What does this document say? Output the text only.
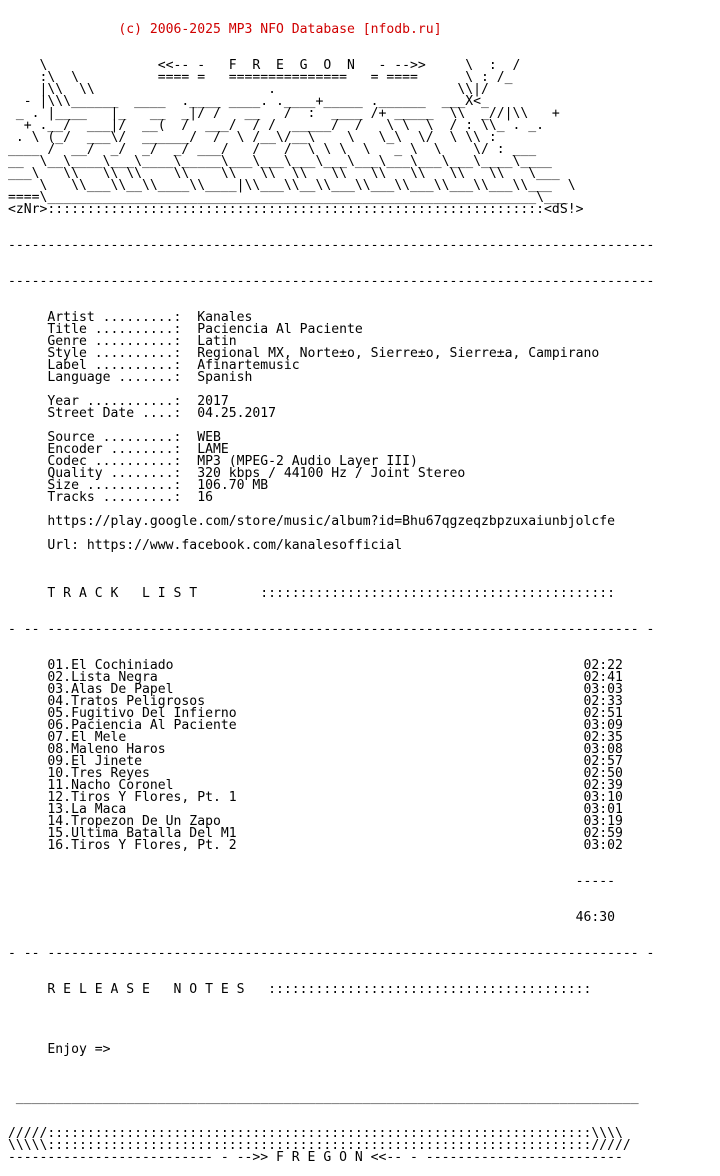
(c) 2006-2025 MP3 NFO Database [nfodb.ru]

\              <<-- -   F  R  E  G  O  N   - -->>     \  :  /
:\  \          ==== =   ===============   = ====      \ : /_
|\\  \\                      .                       \\|/
- |\\\______  ____  .____ ____. .____+_____ .______  ___X<_
_ . |____   |_   __  _|/ /   __   /  :  ____ /+ _____  \\  _//|\\   +
+ .__/  ___|/  __(  /  ___/  / /  _____/  /   \ \  \  / : \\_ . _.
. \ (_/  ___\/  ______/  /  \ /__\/__\    \   \_\  \/  \ \\ :
____ /  __/  _/  _/  _/ ___/   /   /  \ \ \  \   _ \  \    \/ : ___
__  \__\____\___\____\_____\___\___\___\___\___\___\___\___\____\____
___\   \\   \\ \\    \\    \\   \\  \\   \\   \\   \\   \\   \\   \___
\   \\___\\__\\____\\____|\\___\\__\\___\\___\\___\\___\\___\\___  \
====\______________________________________________________________\___
<zNr>:::::::::::::::::::::::::::::::::::::::::::::::::::::::::::::::<dS!>

----------------------------------------------------------------------------------

----------------------------------------------------------------------------------

Artist .........:  Kanales
Title ..........:  Paciencia Al Paciente
Genre ..........:  Latin
Style ..........:  Regional MX, Norte±o, Sierre±o, Sierre±a, Campirano
Label ..........:  Afinartemusic
Language .......:  Spanish
Year ...........:  2017
Street Date ....:  04.25.2017
Source .........:  WEB
Encoder ........:  LAME
Codec ..........:  MP3 (MPEG-2 Audio Layer III)
Quality ........:  320 kbps / 44100 Hz / Joint Stereo
Size ...........:  106.70 MB
Tracks .........:  16
https://play.google.com/store/music/album?id=Bhu67qgzeqzbpzuxaiunbjolcfe
Url: https://www.facebook.com/kanalesofficial

T R A C K   L I S T        :::::::::::::::::::::::::::::::::::::::::::::

- -- --------------------------------------------------------------------------- -

01.El Cochiniado                                                    02:22
02.Lista Negra                                                      02:41
03.Alas De Papel                                                    03:03
04.Tratos Peligrosos                                                02:33
05.Fugitivo Del Infierno                                            02:51
06.Paciencia Al Paciente                                            03:09
07.El Mele                                                          02:35
08.Maleno Haros                                                     03:08
09.El Jinete                                                        02:57
10.Tres Reyes                                                       02:50
11.Nacho Coronel                                                    02:39
12.Tiros Y Flores, Pt. 1                                            03:10
13.La Maca                                                          03:01
14.Tropezon De Un Zapo                                              03:19
15.Ultima Batalla Del M1                                            02:59
16.Tiros Y Flores, Pt. 2                                            03:02

-----

46:30

- -- --------------------------------------------------------------------------- -

R E L E A S E   N O T E S   :::::::::::::::::::::::::::::::::::::::::

Enjoy =>

_______________________________________________________________________________

/////:::::::::::::::::::::::::::::::::::::::::::::::::::::::::::::::::::::\\\\
\\\\\::::::::::::::::::::::::::::::::::::::::::::::::::::::::::::::::::::://///
-------------------------- - -->> F R E G O N <<-- - -------------------------
